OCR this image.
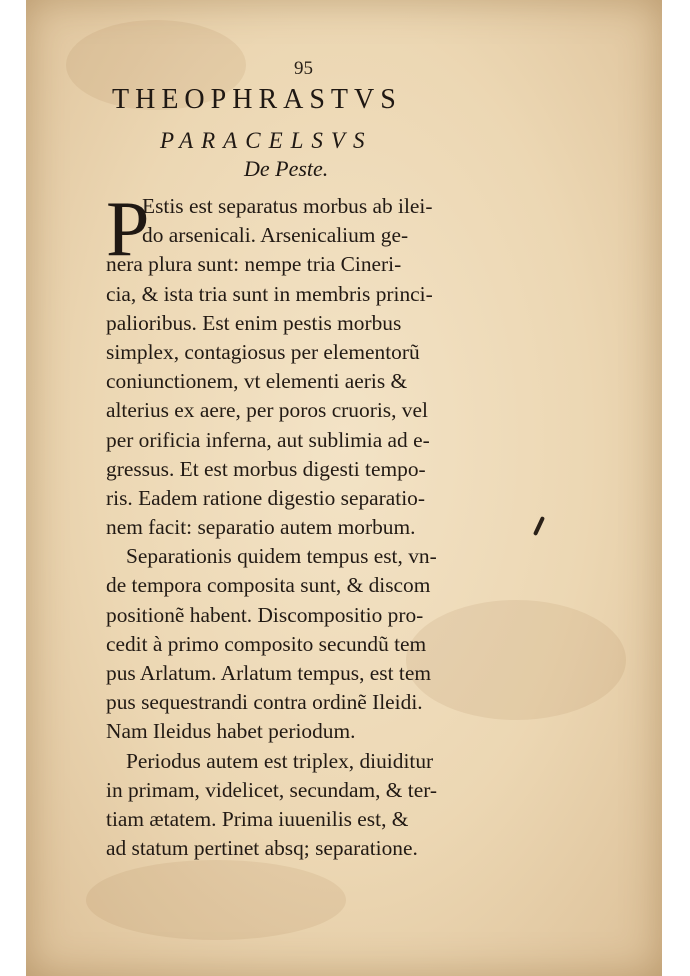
95
THEOPHRASTVS
PARACELSVS
De Peste.
P
Estis est separatus morbus ab ilei-
do arsenicali. Arsenicalium ge-
nera plura sunt: nempe tria Cineri-
cia, & ista tria sunt in membris princi-
palioribus. Est enim pestis morbus
simplex, contagiosus per elementorũ
coniunctionem, vt elementi aeris &
alterius ex aere, per poros cruoris, vel
per orificia inferna, aut sublimia ad e-
gressus. Et est morbus digesti tempo-
ris. Eadem ratione digestio separatio-
nem facit: separatio autem morbum.
Separationis quidem tempus est, vn-
de tempora composita sunt, & discom
positionẽ habent. Discompositio pro-
cedit à primo composito secundũ tem
pus Arlatum. Arlatum tempus, est tem
pus sequestrandi contra ordinẽ Ileidi.
Nam Ileidus habet periodum.
Periodus autem est triplex, diuiditur
in primam, videlicet, secundam, & ter-
tiam ætatem. Prima iuuenilis est, &
ad statum pertinet absq; separatione.
